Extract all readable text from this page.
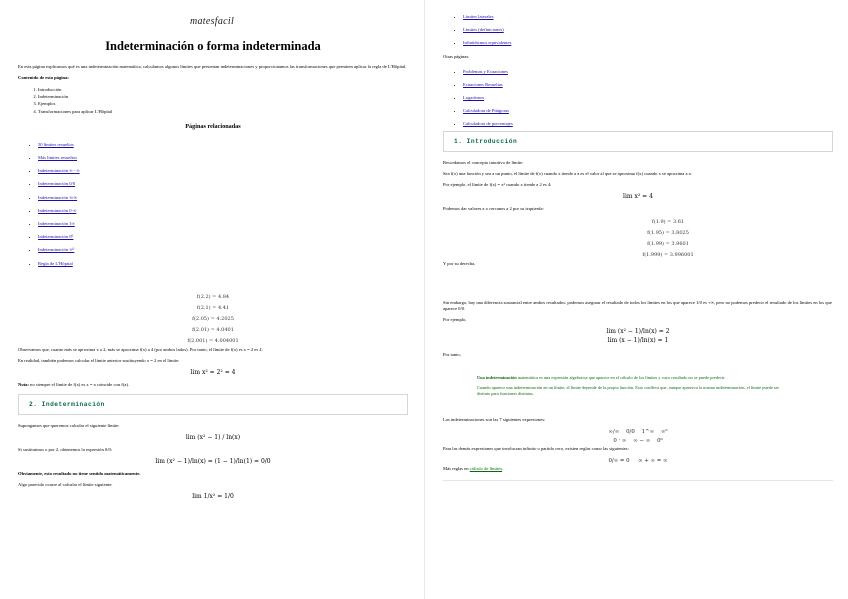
matesfacil
Indeterminación o forma indeterminada

En esta página explicamos qué es una indeterminación matemática, calculamos algunos límites que presentan indeterminaciones y proporcionamos las transformaciones que permiten aplicar la regla de L'Hôpital.

Contenido de esta página:

1. Introducción
2. Indeterminación
3. Ejemplos
4. Transformaciones para aplicar L'Hôpital
Páginas relacionadas
• 50 límites resueltos
• Más límites resueltos
• Indeterminación ∞ - ∞
• Indeterminación 0/0
• Indeterminación ∞/∞
• Indeterminación 0·∞
• Indeterminación 1∞
• Indeterminación 0⁰
• Indeterminación ∞⁰
• Regla de L'Hôpital
f(2.2) = 4.84
f(2.1) = 4.41
f(2.05) = 4.2025
f(2.01) = 4.0401
f(2.001) = 4.004001

Observamos que, cuanto más se aproxima x a 2, más se aproxima f(x) a 4 (por ambos lados). Por tanto, el límite de f(x) es x = 2 es 4.

En realidad, también podemos calcular el límite anterior sustituyendo x = 2 en el límite:

lim x² = 2² = 4

Nota: no siempre el límite de f(x) es x = a coincide con f(a).

2. Indeterminación

Supongamos que queremos calcular el siguiente límite:

lim (x² − 1) / ln(x)

Si sustituimos x por 2, obtenemos la expresión 0/0:

lim (x² − 1)/ln(x) = (1 − 1)/ln(1) = 0/0

Obviamente, esto resultado no tiene sentido matemáticamente.

Algo parecido ocurre al calcular el límite siguiente:

lim 1/x² = 1/0
• Límites laterales
• Límites (definiciones)
• Infinitésimos equivalentes

Otras páginas:

• Problemas y Ecuaciones
• Ecuaciones Resueltas
• Logaritmos
• Calculadora de Pitágoras
• Calculadora de porcentajes
1. Introducción

Recordamos el concepto intuitivo de límite:

Sea f(x) una función y sea a un punto, el límite de f(x) cuando x tiende a a es el valor al que se aproxima f(x) cuando x se aproxima a a.

Por ejemplo, el límite de f(x) = x² cuando x tiende a 2 es 4:

lim x² = 4

Podemos dar valores a x cercanos a 2 por su izquierda:

f(1.9) = 3.61
f(1.95) = 3.8025
f(1.99) = 3.9601
f(1.999) = 3.996001

Y por su derecha,

Sin embargo, hay una diferencia sustancial entre ambos resultados: podemos asegurar el resultado de todos los límites en los que aparece 1/0 es +∞, pero no podemos predecir el resultado de los límites en los que aparece 0/0.

Por ejemplo,

lim (x² − 1)/ln(x) = 2
lim (x − 1)/ln(x) = 1

Por tanto,

Una indeterminación matemática es una expresión algebraica que aparece en el cálculo de los límites y cuyo resultado no se puede predecir.

Cuando aparece una indeterminación en un límite, el límite depende de la propia función. Esto conlleva que, aunque aparezca la misma indeterminación, el límite puede ser distinto para funciones distintas.

Las indeterminaciones son las 7 siguientes expresiones:

∞/∞ 0/0 1^∞ ∞⁰
0 · ∞ ∞ − ∞ 0⁰

Para las demás expresiones que involucran infinito o partido cero, existen reglas como las siguientes:

0/∞ = 0 ∞ + ∞ = ∞

Más reglas en cálculo de límites.
